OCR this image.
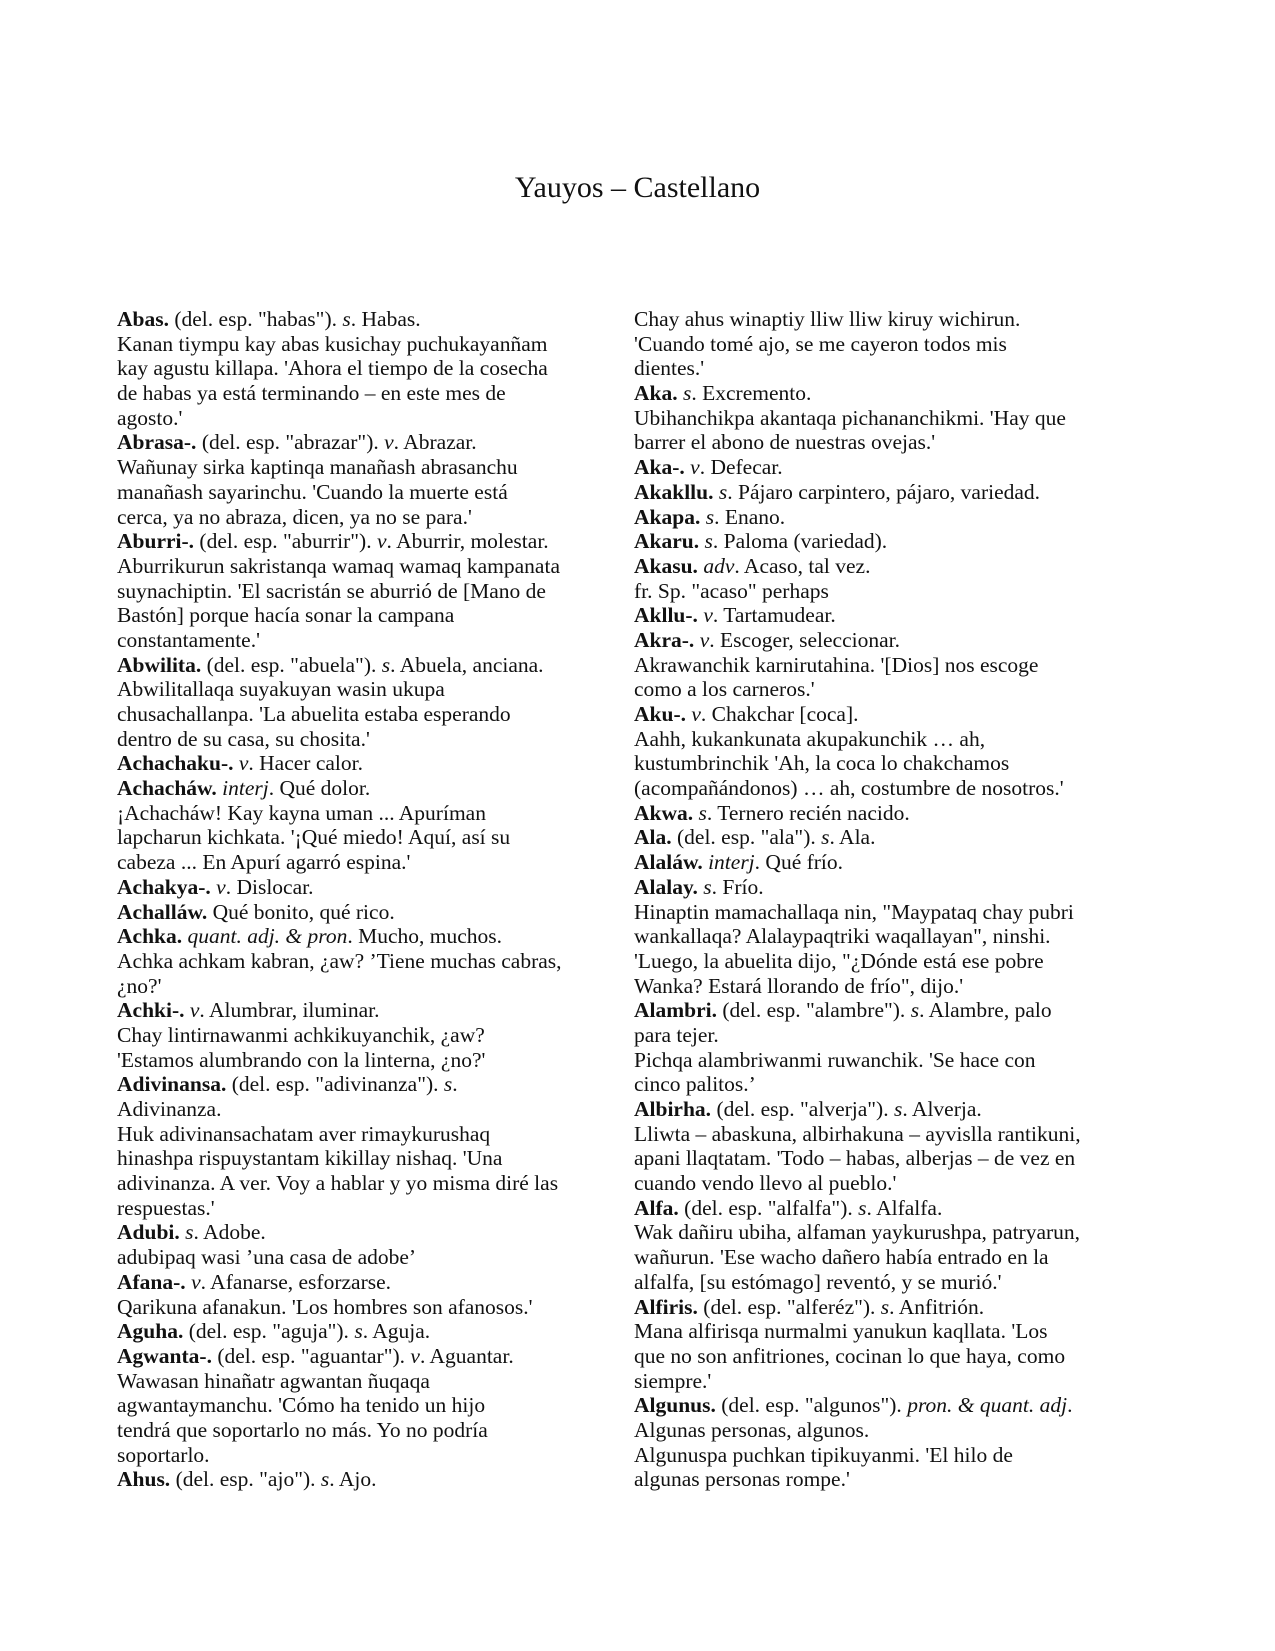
Yauyos – Castellano
Abas. (del. esp. "habas"). s. Habas.
Kanan tiympu kay abas kusichay puchukayanñam
kay agustu killapa. 'Ahora el tiempo de la cosecha
de habas ya está terminando – en este mes de
agosto.'
Abrasa-. (del. esp. "abrazar"). v. Abrazar.
Wañunay sirka kaptinqa manañash abrasanchu
manañash sayarinchu. 'Cuando la muerte está
cerca, ya no abraza, dicen, ya no se para.'
Aburri-. (del. esp. "aburrir"). v. Aburrir, molestar.
Aburrikurun sakristanqa wamaq wamaq kampanata
suynachiptin. 'El sacristán se aburrió de [Mano de
Bastón] porque hacía sonar la campana
constantamente.'
Abwilita. (del. esp. "abuela"). s. Abuela, anciana.
Abwilitallaqa suyakuyan wasin ukupa
chusachallanpa. 'La abuelita estaba esperando
dentro de su casa, su chosita.'
Achachaku-. v. Hacer calor.
Achacháw. interj. Qué dolor.
¡Achacháw! Kay kayna uman ... Apuríman
lapcharun kichkata. '¡Qué miedo! Aquí, así su
cabeza ... En Apurí agarró espina.'
Achakya-. v. Dislocar.
Achalláw. Qué bonito, qué rico.
Achka. quant. adj. & pron. Mucho, muchos.
Achka achkam kabran, ¿aw? ’Tiene muchas cabras,
¿no?'
Achki-. v. Alumbrar, iluminar.
Chay lintirnawanmi achkikuyanchik, ¿aw?
'Estamos alumbrando con la linterna, ¿no?'
Adivinansa. (del. esp. "adivinanza"). s.
Adivinanza.
Huk adivinansachatam aver rimaykurushaq
hinashpa rispuystantam kikillay nishaq. 'Una
adivinanza. A ver. Voy a hablar y yo misma diré las
respuestas.'
Adubi. s. Adobe.
adubipaq wasi ’una casa de adobe’
Afana-. v. Afanarse, esforzarse.
Qarikuna afanakun. 'Los hombres son afanosos.'
Aguha. (del. esp. "aguja"). s. Aguja.
Agwanta-. (del. esp. "aguantar"). v. Aguantar.
Wawasan hinañatr agwantan ñuqaqa
agwantaymanchu. 'Cómo ha tenido un hijo
tendrá que soportarlo no más. Yo no podría
soportarlo.
Ahus. (del. esp. "ajo"). s. Ajo.
Chay ahus winaptiy lliw lliw kiruy wichirun.
'Cuando tomé ajo, se me cayeron todos mis
dientes.'
Aka. s. Excremento.
Ubihanchikpa akantaqa pichananchikmi. 'Hay que
barrer el abono de nuestras ovejas.'
Aka-. v. Defecar.
Akakllu. s. Pájaro carpintero, pájaro, variedad.
Akapa. s. Enano.
Akaru. s. Paloma (variedad).
Akasu. adv. Acaso, tal vez.
fr. Sp. "acaso" perhaps
Akllu-. v. Tartamudear.
Akra-. v. Escoger, seleccionar.
Akrawanchik karnirutahina. '[Dios] nos escoge
como a los carneros.'
Aku-. v. Chakchar [coca].
Aahh, kukankunata akupakunchik … ah,
kustumbrinchik 'Ah, la coca lo chakchamos
(acompañándonos) … ah, costumbre de nosotros.'
Akwa. s. Ternero recién nacido.
Ala. (del. esp. "ala"). s. Ala.
Alaláw. interj. Qué frío.
Alalay. s. Frío.
Hinaptin mamachallaqa nin, "Maypataq chay pubri
wankallaqa? Alalaypaqtriki waqallayan", ninshi.
'Luego, la abuelita dijo, "¿Dónde está ese pobre
Wanka? Estará llorando de frío", dijo.'
Alambri. (del. esp. "alambre"). s. Alambre, palo
para tejer.
Pichqa alambriwanmi ruwanchik. 'Se hace con
cinco palitos.’
Albirha. (del. esp. "alverja"). s. Alverja.
Lliwta – abaskuna, albirhakuna – ayvislla rantikuni,
apani llaqtatam. 'Todo – habas, alberjas – de vez en
cuando vendo llevo al pueblo.'
Alfa. (del. esp. "alfalfa"). s. Alfalfa.
Wak dañiru ubiha, alfaman yaykurushpa, patryarun,
wañurun. 'Ese wacho dañero había entrado en la
alfalfa, [su estómago] reventó, y se murió.'
Alfiris. (del. esp. "alferéz"). s. Anfitrión.
Mana alfirisqa nurmalmi yanukun kaqllata. 'Los
que no son anfitriones, cocinan lo que haya, como
siempre.'
Algunus. (del. esp. "algunos"). pron. & quant. adj.
Algunas personas, algunos.
Algunuspa puchkan tipikuyanmi. 'El hilo de
algunas personas rompe.'
